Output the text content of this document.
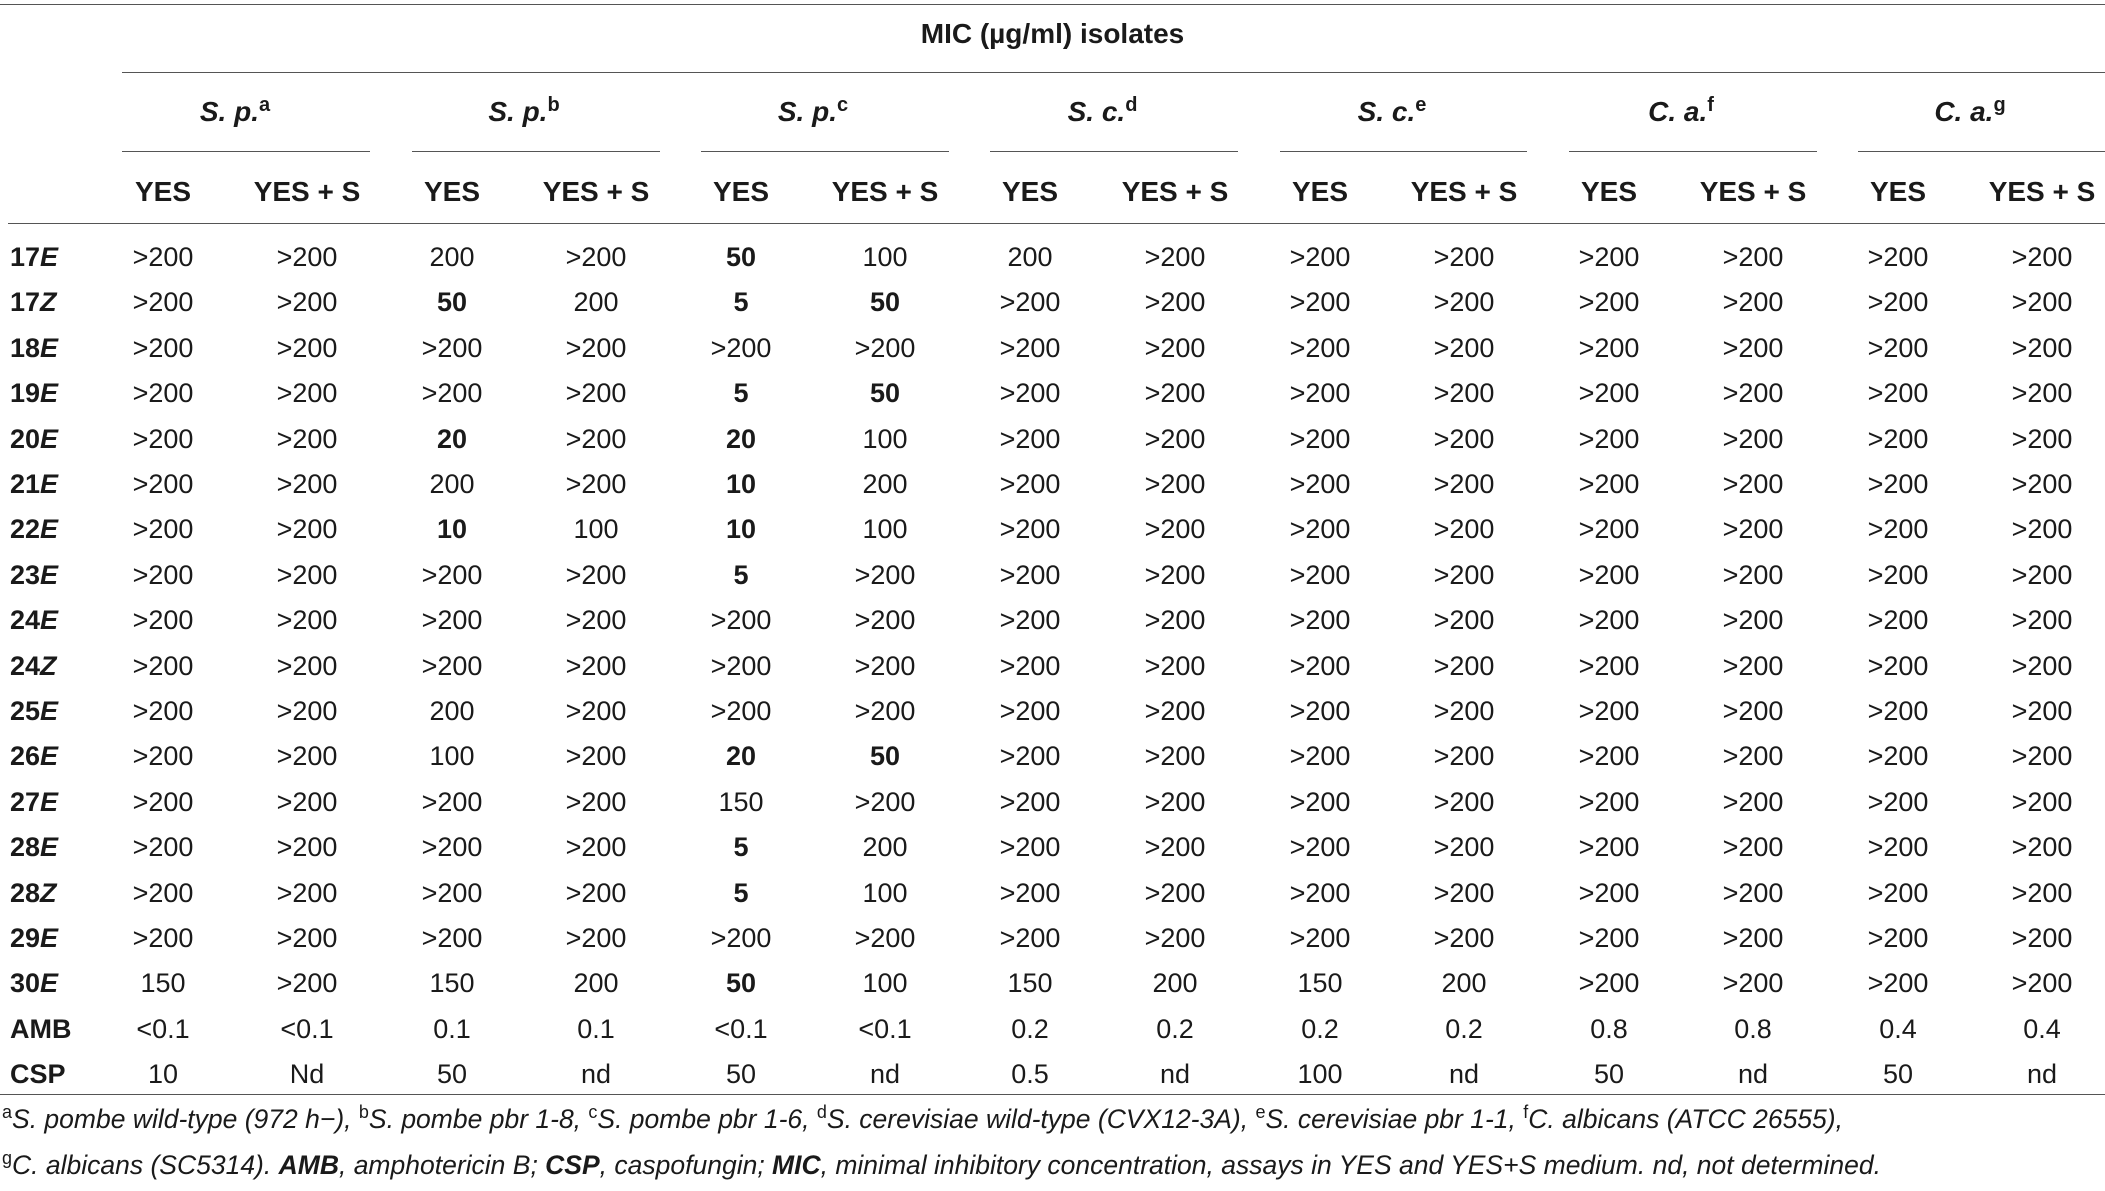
MIC (µg/ml) isolates
S. p.$^a$	S. p.$^b$	S. p.$^c$	S. c.$^d$	S. c.$^e$	C. a.$^f$	C. a.$^g$
YES	YES + S	YES	YES + S	YES	YES + S	YES	YES + S	YES	YES + S	YES	YES + S	YES	YES + S
17E	>200	>200	200	>200	50	100	200	>200	>200	>200	>200	>200	>200	>200
17Z	>200	>200	50	200	5	50	>200	>200	>200	>200	>200	>200	>200	>200
18E	>200	>200	>200	>200	>200	>200	>200	>200	>200	>200	>200	>200	>200	>200
19E	>200	>200	>200	>200	5	50	>200	>200	>200	>200	>200	>200	>200	>200
20E	>200	>200	20	>200	20	100	>200	>200	>200	>200	>200	>200	>200	>200
21E	>200	>200	200	>200	10	200	>200	>200	>200	>200	>200	>200	>200	>200
22E	>200	>200	10	100	10	100	>200	>200	>200	>200	>200	>200	>200	>200
23E	>200	>200	>200	>200	5	>200	>200	>200	>200	>200	>200	>200	>200	>200
24E	>200	>200	>200	>200	>200	>200	>200	>200	>200	>200	>200	>200	>200	>200
24Z	>200	>200	>200	>200	>200	>200	>200	>200	>200	>200	>200	>200	>200	>200
25E	>200	>200	200	>200	>200	>200	>200	>200	>200	>200	>200	>200	>200	>200
26E	>200	>200	100	>200	20	50	>200	>200	>200	>200	>200	>200	>200	>200
27E	>200	>200	>200	>200	150	>200	>200	>200	>200	>200	>200	>200	>200	>200
28E	>200	>200	>200	>200	5	200	>200	>200	>200	>200	>200	>200	>200	>200
28Z	>200	>200	>200	>200	5	100	>200	>200	>200	>200	>200	>200	>200	>200
29E	>200	>200	>200	>200	>200	>200	>200	>200	>200	>200	>200	>200	>200	>200
30E	150	>200	150	200	50	100	150	200	150	200	>200	>200	>200	>200
AMB	<0.1	<0.1	0.1	0.1	<0.1	<0.1	0.2	0.2	0.2	0.2	0.8	0.8	0.4	0.4
CSP	10	Nd	50	nd	50	nd	0.5	nd	100	nd	50	nd	50	nd
$^a$S. pombe wild-type (972 h−), $^b$S. pombe pbr 1-8, $^c$S. pombe pbr 1-6, $^d$S. cerevisiae wild-type (CVX12-3A), $^e$S. cerevisiae pbr 1-1, $^f$C. albicans (ATCC 26555),
$^g$C. albicans (SC5314). AMB, amphotericin B; CSP, caspofungin; MIC, minimal inhibitory concentration, assays in YES and YES+S medium. nd, not determined.
